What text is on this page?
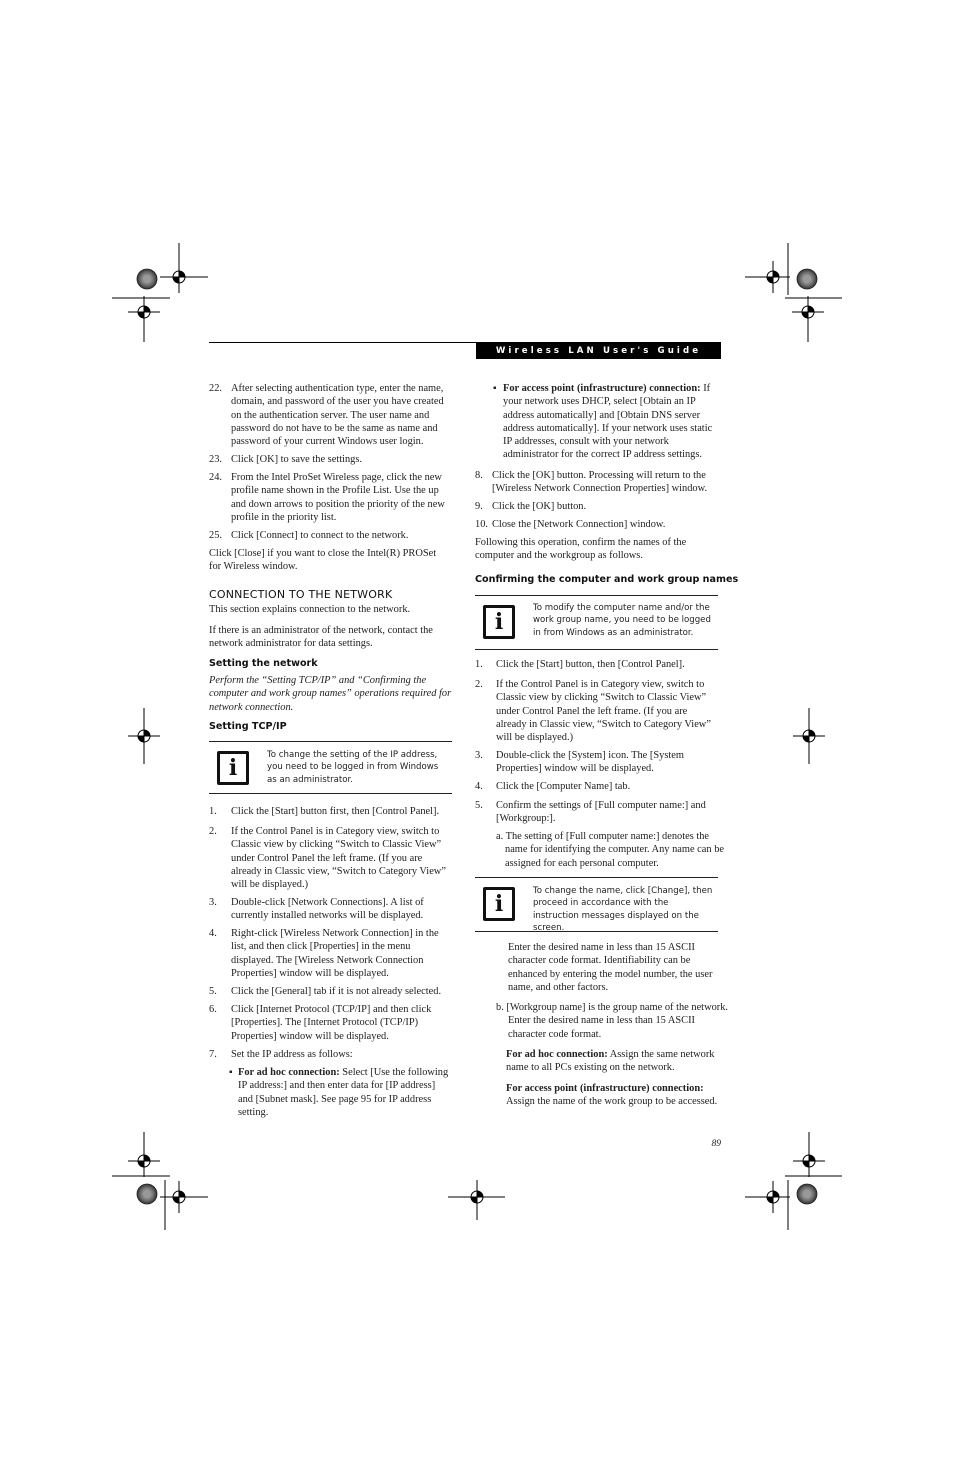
Wireless LAN User's Guide
22. After selecting authentication type, enter the name, domain, and password of the user you have created on the authentication server. The user name and password do not have to be the same as name and password of your current Windows user login.
23. Click [OK] to save the settings.
24. From the Intel ProSet Wireless page, click the new profile name shown in the Profile List. Use the up and down arrows to position the priority of the new profile in the priority list.
25. Click [Connect] to connect to the network.
Click [Close] if you want to close the Intel(R) PROSet for Wireless window.
CONNECTION TO THE NETWORK
This section explains connection to the network.
If there is an administrator of the network, contact the network administrator for data settings.
Setting the network
Perform the “Setting TCP/IP” and “Confirming the computer and work group names” operations required for network connection.
Setting TCP/IP
i	To change the setting of the IP address, you need to be logged in from Windows as an administrator.
1. Click the [Start] button first, then [Control Panel].
2. If the Control Panel is in Category view, switch to Classic view by clicking “Switch to Classic View” under Control Panel the left frame. (If you are already in Classic view, “Switch to Category View” will be displayed.)
3. Double-click [Network Connections]. A list of currently installed networks will be displayed.
4. Right-click [Wireless Network Connection] in the list, and then click [Properties] in the menu displayed. The [Wireless Network Connection Properties] window will be displayed.
5. Click the [General] tab if it is not already selected.
6. Click [Internet Protocol (TCP/IP] and then click [Properties]. The [Internet Protocol (TCP/IP) Properties] window will be displayed.
7. Set the IP address as follows:
▪ For ad hoc connection: Select [Use the following IP address:] and then enter data for [IP address] and [Subnet mask]. See page 95 for IP address setting.
▪ For access point (infrastructure) connection: If your network uses DHCP, select [Obtain an IP address automatically] and [Obtain DNS server address automatically]. If your network uses static IP addresses, consult with your network administrator for the correct IP address settings.
8. Click the [OK] button. Processing will return to the [Wireless Network Connection Properties] window.
9. Click the [OK] button.
10. Close the [Network Connection] window.
Following this operation, confirm the names of the computer and the workgroup as follows.
Confirming the computer and work group names
i
To modify the computer name and/or the work group name, you need to be logged in from Windows as an administrator.
1. Click the [Start] button, then [Control Panel].
2. If the Control Panel is in Category view, switch to Classic view by clicking “Switch to Classic View” under Control Panel the left frame. (If you are already in Classic view, “Switch to Category View” will be displayed.)
3. Double-click the [System] icon. The [System Properties] window will be displayed.
4. Click the [Computer Name] tab.
5. Confirm the settings of [Full computer name:] and [Workgroup:].
a. The setting of [Full computer name:] denotes the name for identifying the computer. Any name can be assigned for each personal computer.
i	To change the name, click [Change], then proceed in accordance with the instruction messages displayed on the screen.
Enter the desired name in less than 15 ASCII character code format. Identifiability can be enhanced by entering the model number, the user name, and other factors.
b. [Workgroup name] is the group name of the network. Enter the desired name in less than 15 ASCII character code format.
For ad hoc connection: Assign the same network name to all PCs existing on the network.
For access point (infrastructure) connection: Assign the name of the work group to be accessed.
89
